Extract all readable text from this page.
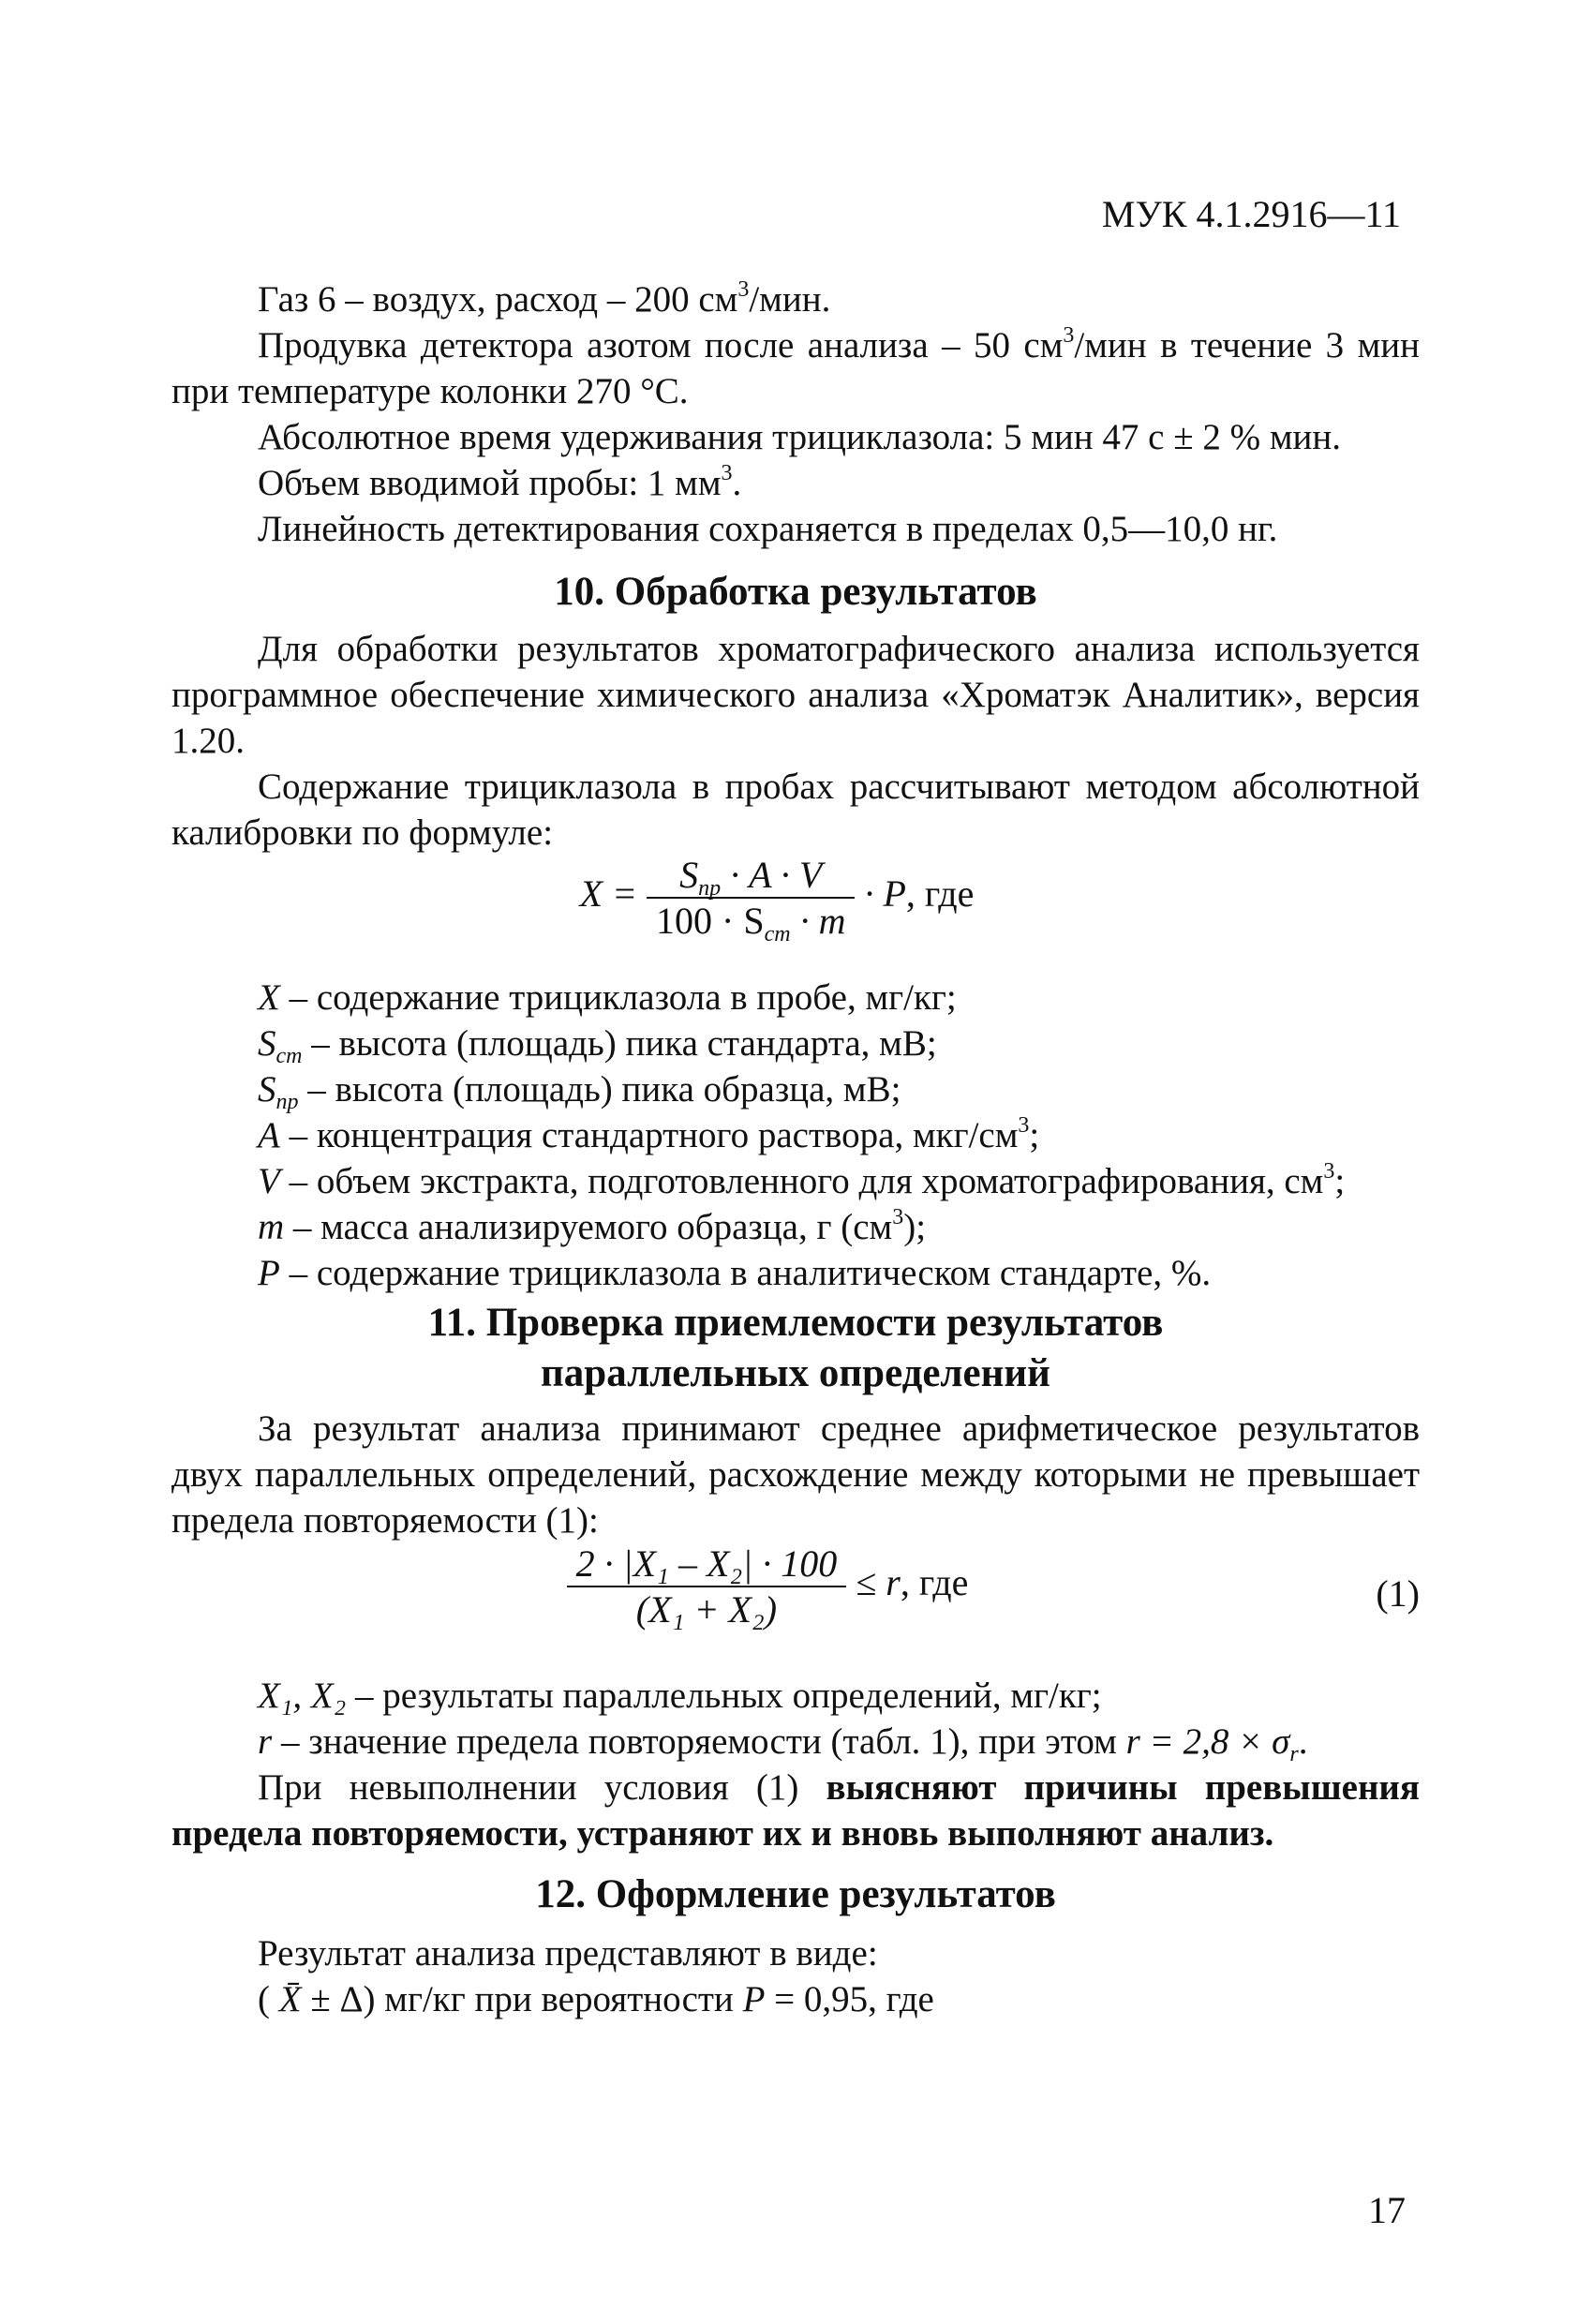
МУК 4.1.2916—11

Газ 6 – воздух, расход – 200 $см^3$/мин.

Продувка детектора азотом после анализа – 50 $см^3$/мин в течение 3 мин при температуре колонки 270 °С.

Абсолютное время удерживания трициклазола: 5 мин 47 с ± 2 % мин.

Объем вводимой пробы: 1 $мм^3$.

Линейность детектирования сохраняется в пределах 0,5—10,0 нг.

10. Обработка результатов

Для обработки результатов хроматографического анализа используется программное обеспечение химического анализа «Хроматэк Аналитик», версия 1.20.

Содержание трициклазола в пробах рассчитывают методом абсолютной калибровки по формуле:

$X = \frac{S_{пр} \cdot A \cdot V}{100 \cdot S_{ст} \cdot m} \cdot P$, где

X – содержание трициклазола в пробе, мг/кг;

$S_{ст}$ – высота (площадь) пика стандарта, мВ;

$S_{пр}$ – высота (площадь) пика образца, мВ;

A – концентрация стандартного раствора, мкг/$см^3$;

V – объем экстракта, подготовленного для хроматографирования, $см^3$;

m – масса анализируемого образца, г $(см^3)$;

P – содержание трициклазола в аналитическом стандарте, %.

11. Проверка приемлемости результатов

параллельных определений

За результат анализа принимают среднее арифметическое результатов двух параллельных определений, расхождение между которыми не превышает предела повторяемости (1):

$\frac{\text{2 · |X₁ – X₂| · 100}}{\text{(X₁ + X₂)}} \le r$, где	(1)

X₁, X₂ – результаты параллельных определений, мг/кг;

r – значение предела повторяемости (табл. 1), при этом $r = 2,8 \times \sigma_r$.

При невыполнении условия (1) выясняют причины превышения предела повторяемости, устраняют их и вновь выполняют анализ.

12. Оформление результатов

Результат анализа представляют в виде:

( X̄ ± Δ) мг/кг при вероятности P = 0,95, где

17
